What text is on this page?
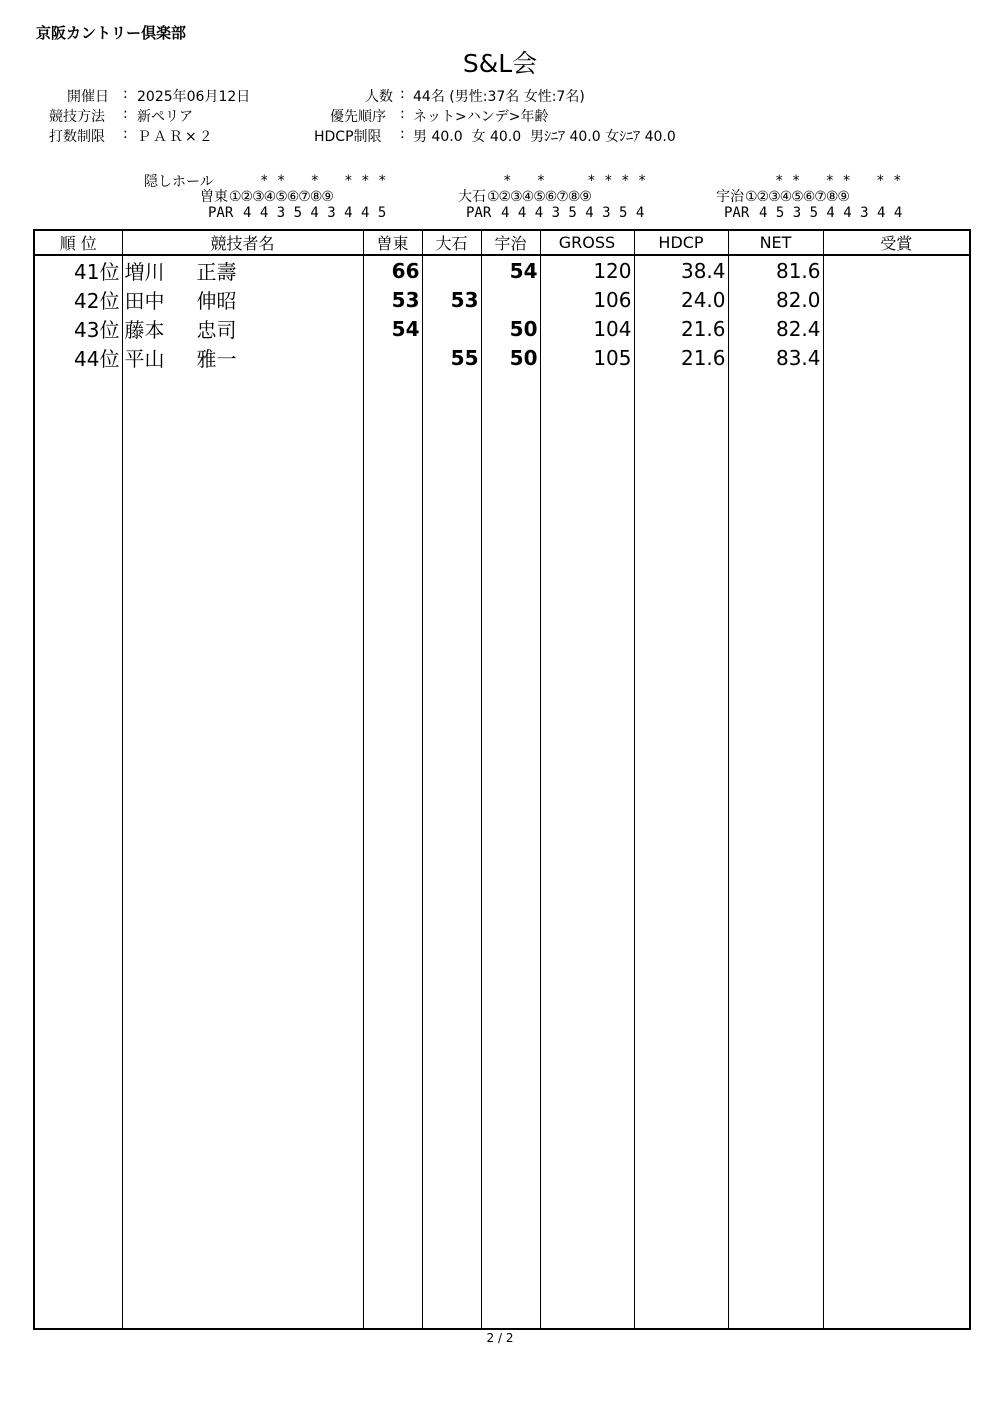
京阪カントリー倶楽部
S&L会
開催日 : 2025年06月12日
競技方法 : 新ペリア
打数制限 : ＰＡＲ×２
人数 : 44名 (男性:37名 女性:7名)
優先順序 : ネット>ハンデ>年齢
HDCP制限 : 男 40.0  女 40.0  男ｼﾆｱ 40.0 女ｼﾆｱ 40.0
隠しホール	* *   *   * * *
曽東 ①②③④⑤⑥⑦⑧⑨
PAR 4 4 3 5 4 3 4 4 5
*   *     * * * *
大石 ①②③④⑤⑥⑦⑧⑨
PAR 4 4 4 3 5 4 3 5 4
* *   * *   * *
宇治 ①②③④⑤⑥⑦⑧⑨
PAR 4 5 3 5 4 4 3 4 4
順 位	競技者名	曽東	大石	宇治	GROSS	HDCP	NET	受賞
41位	増川 正壽	66		54	120	38.4	81.6	
42位	田中 伸昭	53	53		106	24.0	82.0	
43位	藤本 忠司	54		50	104	21.6	82.4	
44位	平山 雅一		55	50	105	21.6	83.4	

2 / 2
